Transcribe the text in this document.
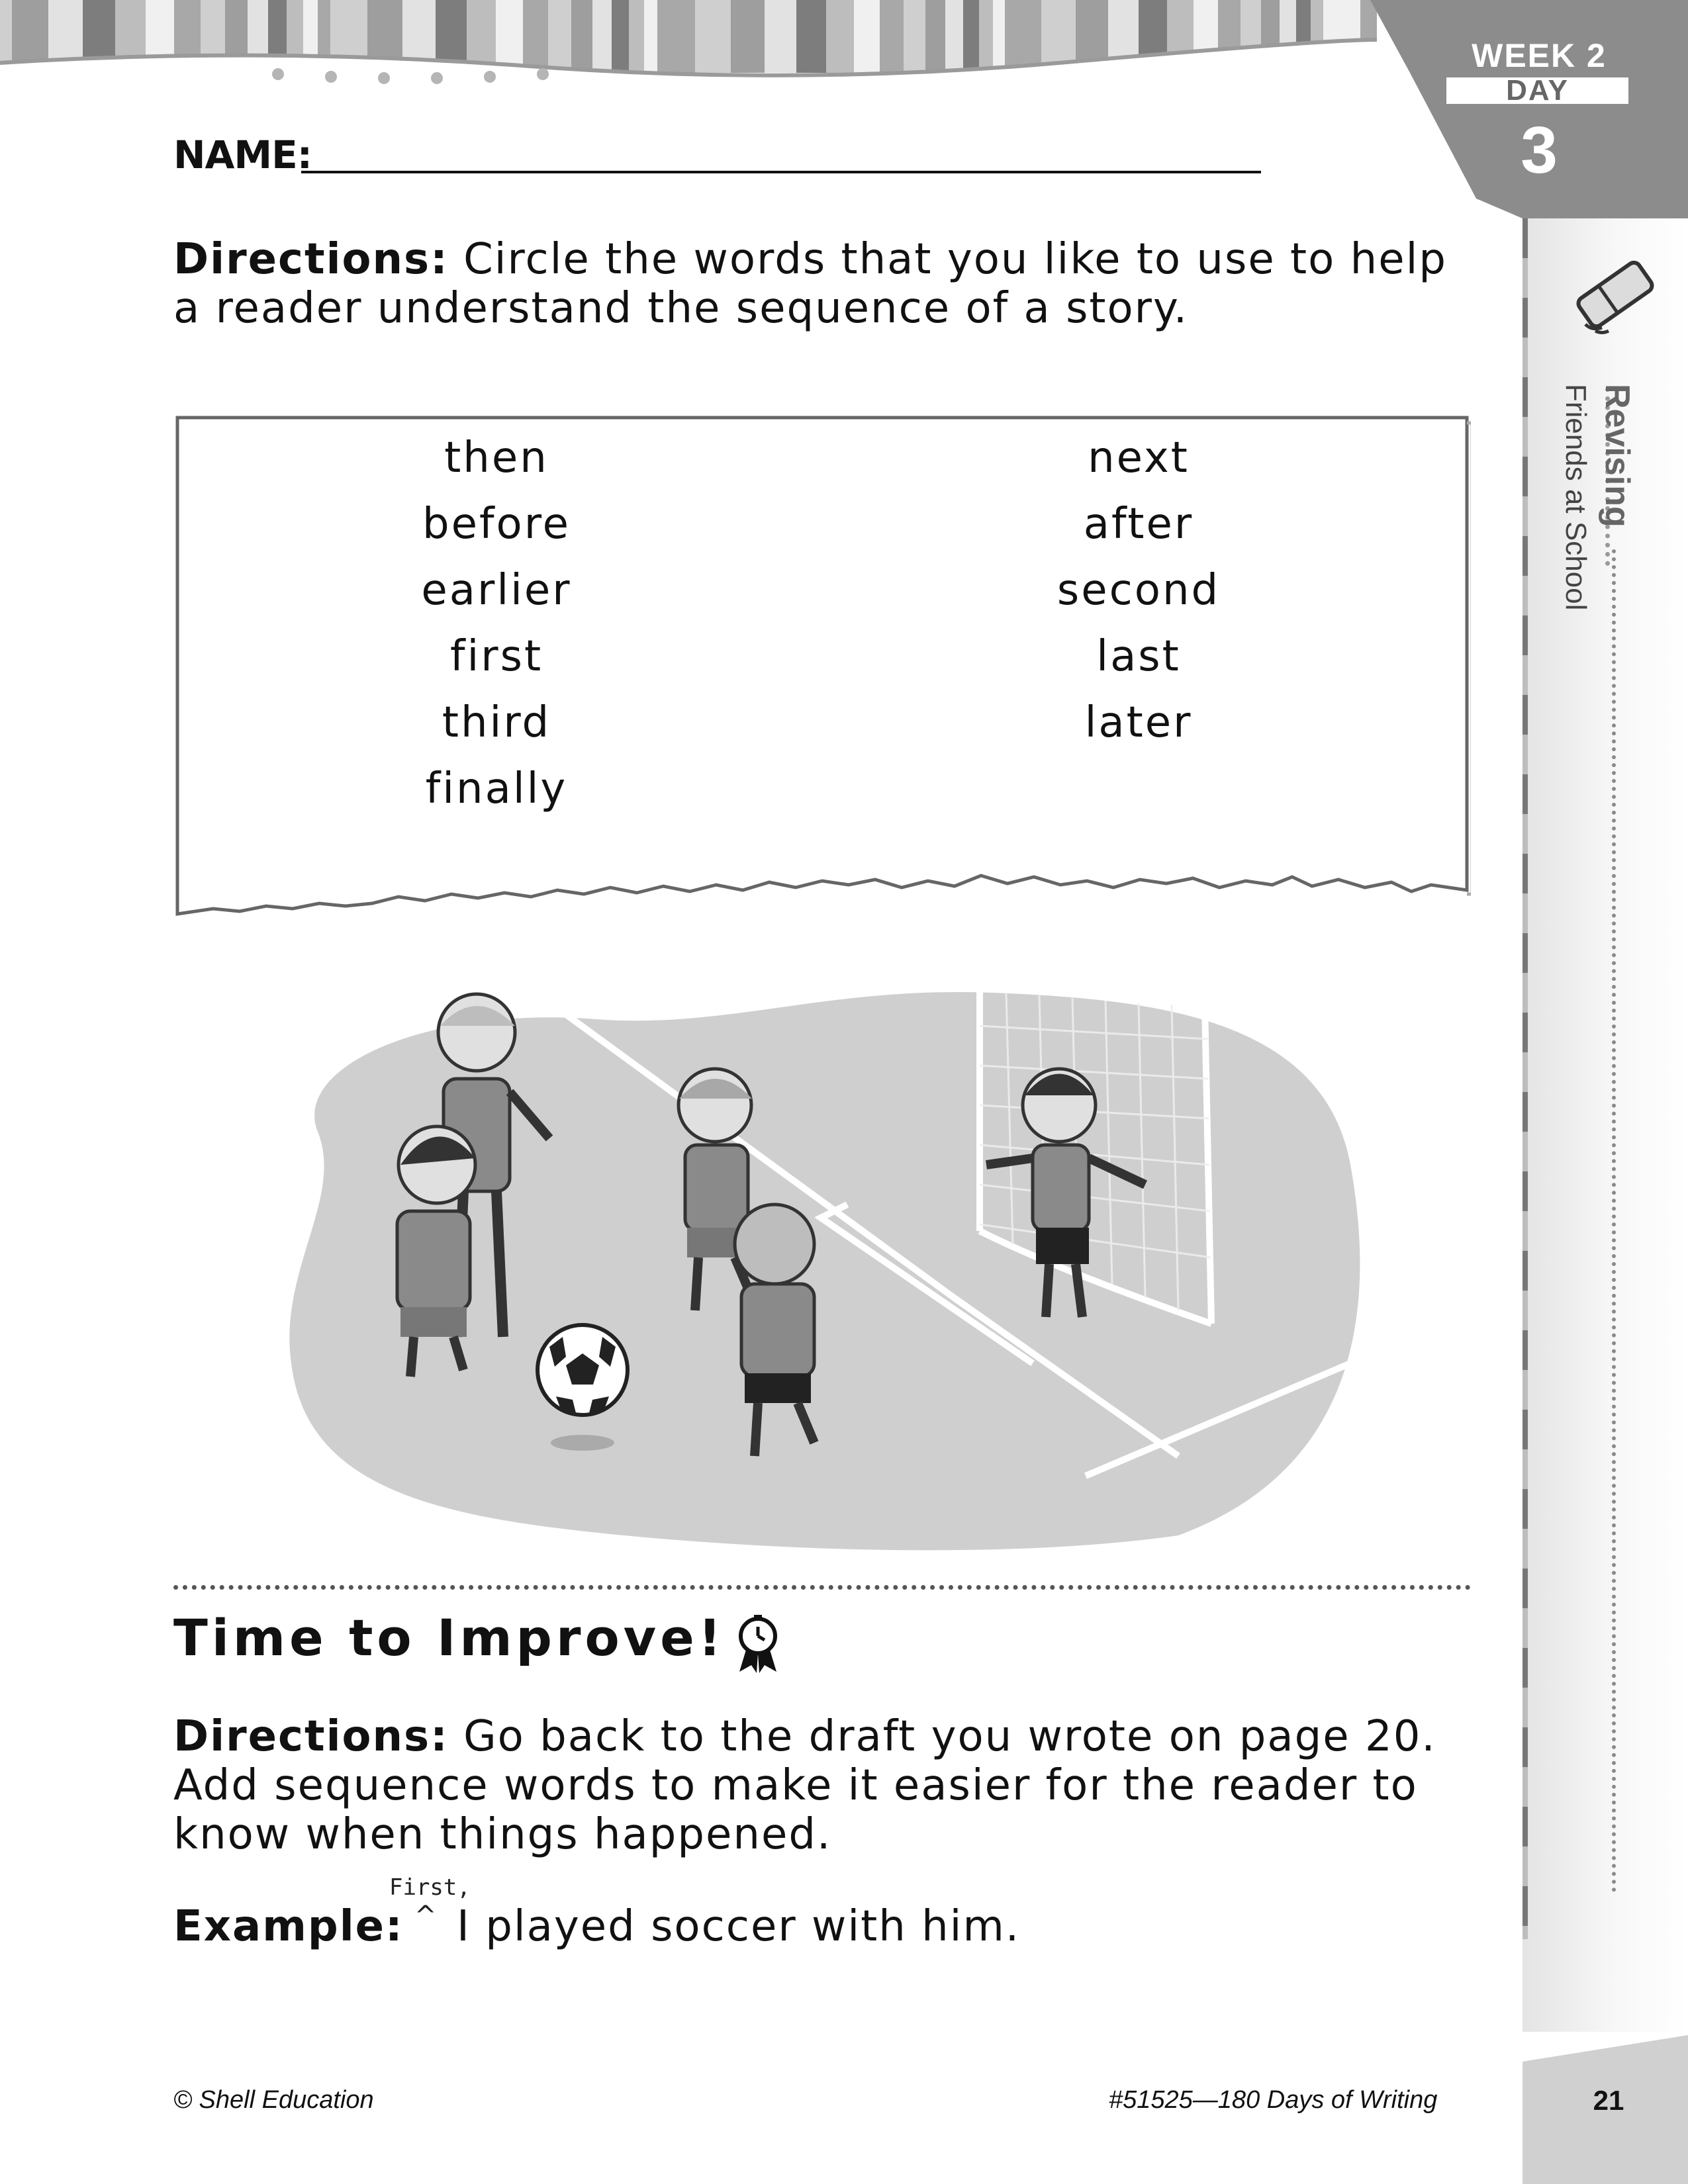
WEEK 2
DAY
3
Revising
Friends at School
NAME:
Directions: Circle the words that you like to use to help a reader understand the sequence of a story.
then
before
earlier
first
third
finally
next
after
second
last
later
Time to Improve!
Directions: Go back to the draft you wrote on page 20. Add sequence words to make it easier for the reader to know when things happened.
Example:
First,
^ I played soccer with him.
© Shell Education	#51525—180 Days of Writing	21
